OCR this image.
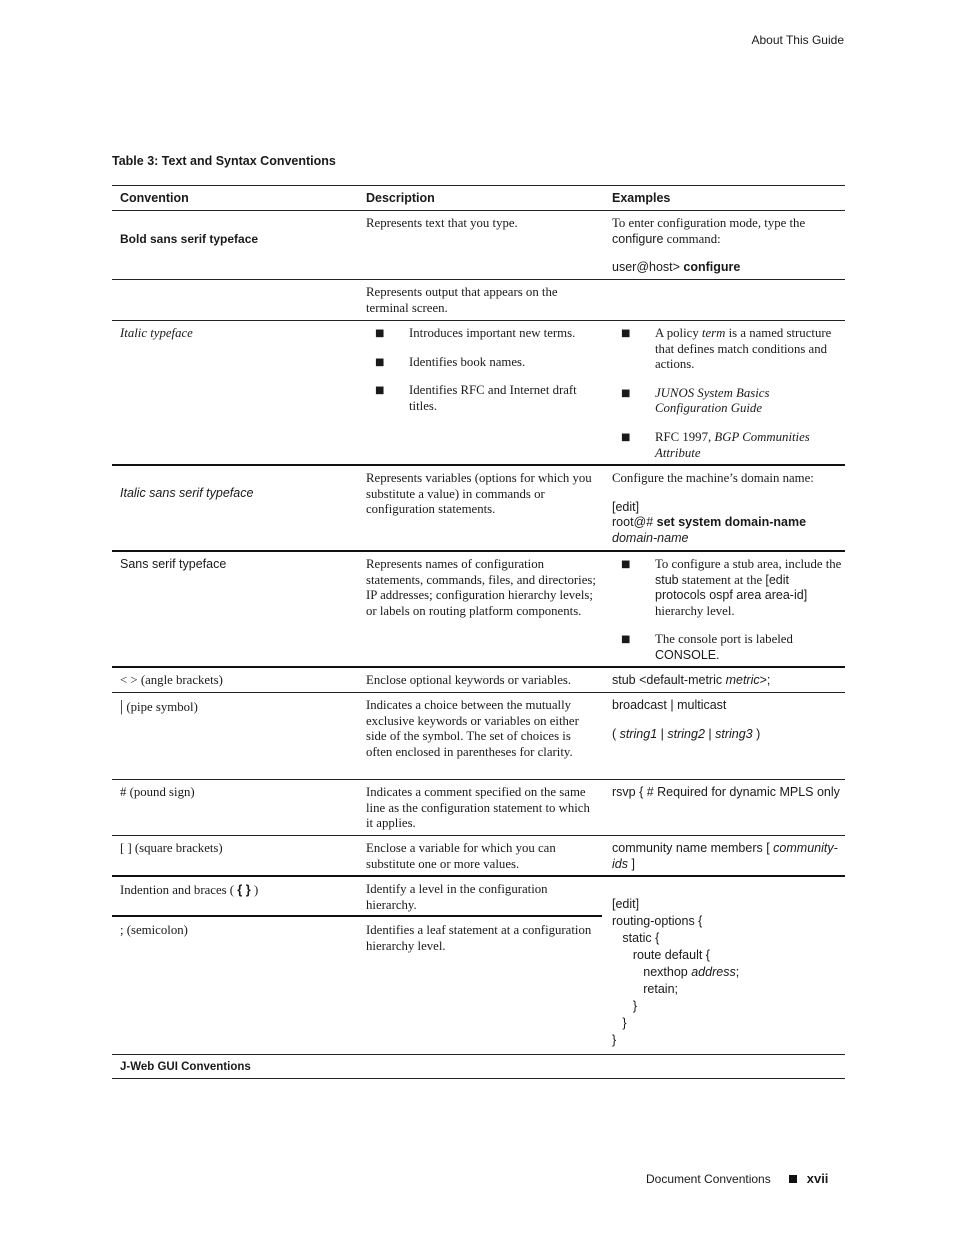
About This Guide
Table 3: Text and Syntax Conventions
Convention	Description	Examples
Bold sans serif typeface
Represents text that you type.	To enter configuration mode, type the
configure command:
user@host> configure
Represents output that appears on the terminal screen.
Italic typeface
■	Introduces important new terms.
■ Identifies book names.
■ Identifies RFC and Internet draft titles.
■ A policy term is a named structure that defines match conditions and actions.
■ JUNOS System Basics Configuration Guide
■ RFC 1997, BGP Communities Attribute
Italic sans serif typeface
Represents variables (options for which you substitute a value) in commands or configuration statements.
Configure the machine’s domain name:
[edit]
root@# set system domain-name
domain-name
Sans serif typeface	Represents names of configuration statements, commands, files, and directories; IP addresses; configuration hierarchy levels; or labels on routing platform components.
■ To configure a stub area, include the stub statement at the [edit protocols ospf area area-id] hierarchy level.
■ The console port is labeled CONSOLE.
< > (angle brackets)	Enclose optional keywords or variables.	stub <default-metric metric>;
| (pipe symbol)	Indicates a choice between the mutually exclusive keywords or variables on either side of the symbol. The set of choices is often enclosed in parentheses for clarity.
broadcast | multicast
( string1 | string2 | string3 )
# (pound sign)	Indicates a comment specified on the same line as the configuration statement to which it applies.
rsvp { # Required for dynamic MPLS only
[ ] (square brackets)	Enclose a variable for which you can substitute one or more values.
community name members [ community-ids ]
Indention and braces ( { } )	Identify a level in the configuration hierarchy.
; (semicolon)	Identifies a leaf statement at a configuration hierarchy level.
[edit]
routing-options {
static {
route default {
nexthop address;
retain;
}
}
}
J-Web GUI Conventions
Document Conventions	xvii
